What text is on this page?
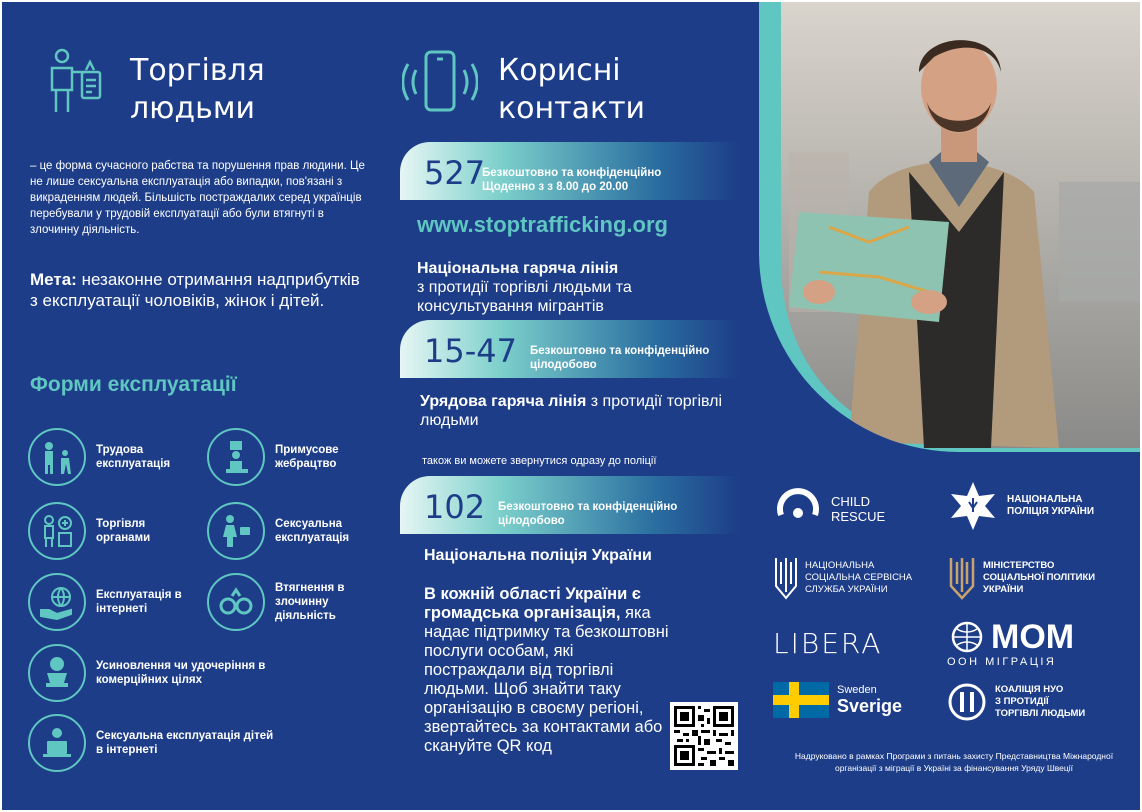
Торгівля
людьми
– це форма сучасного рабства та порушення прав людини. Це не лише сексуальна експлуатація або випадки, пов'язані з викраденням людей. Більшість постраждалих серед українців перебували у трудовій експлуатації або були втягнуті в злочинну діяльність.
Мета: незаконне отримання надприбутків з експлуатації чоловіків, жінок і дітей.
Форми експлуатації
Трудова експлуатація
Примусове жебрацтво
Торгівля органами
Сексуальна експлуатація
Експлуатація в інтернеті
Втягнення в злочинну діяльність
Усиновлення чи удочеріння в комерційних цілях
Сексуальна експлуатація дітей в інтернеті
Корисні
контакти
527
Безкоштовно та конфіденційно
Щоденно з з 8.00 до 20.00
www.stoptrafficking.org
Національна гаряча лінія
з протидії торгівлі людьми та консультування мігрантів
15-47 Безкоштовно та конфіденційно
цілодобово
Урядова гаряча лінія з протидії торгівлі людьми
також ви можете звернутися одразу до поліції
102 Безкоштовно та конфіденційно
цілодобово
Національна поліція України
В кожній області України є громадська організація, яка надає підтримку та безкоштовні послуги особам, які постраждали від торгівлі людьми. Щоб знайти таку організацію в своєму регіоні, звертайтесь за контактами або скануйте QR код
CHILD
RESCUE
НАЦІОНАЛЬНА
ПОЛІЦІЯ УКРАЇНИ
НАЦІОНАЛЬНА
СОЦІАЛЬНА СЕРВІСНА
СЛУЖБА УКРАЇНИ
МІНІСТЕРСТВО
СОЦІАЛЬНОЇ ПОЛІТИКИ
УКРАЇНИ
LIBERA	МОМ
ООН МІГРАЦІЯ
Sweden
Sverige
КОАЛІЦІЯ НУО
З ПРОТИДІЇ
ТОРГІВЛІ ЛЮДЬМИ
Надруковано в рамках Програми з питань захисту Представництва Міжнародної організації з міграції в Україні за фінансування Уряду Швеції
